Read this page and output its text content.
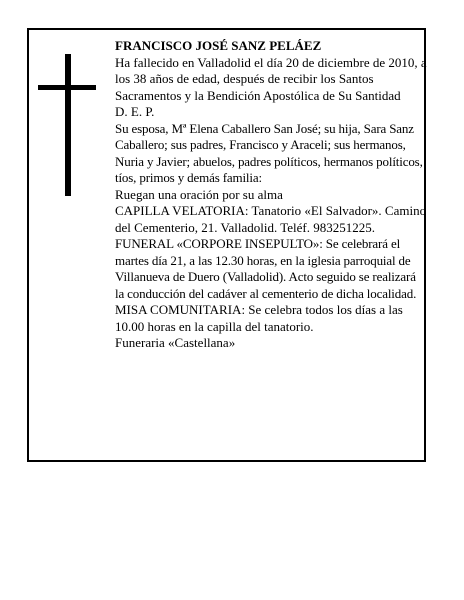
FRANCISCO JOSÉ SANZ PELÁEZ

Ha fallecido en Valladolid el día 20 de diciembre de 2010, a los 38 años de edad, después de recibir los Santos Sacramentos y la Bendición Apostólica de Su Santidad

D. E. P.

Su esposa, Mª Elena Caballero San José; su hija, Sara Sanz Caballero; sus padres, Francisco y Araceli; sus hermanos, Nuria y Javier; abuelos, padres políticos, hermanos políticos, tíos, primos y demás familia:

Ruegan una oración por su alma

CAPILLA VELATORIA: Tanatorio «El Salvador». Camino del Cementerio, 21. Valladolid. Teléf. 983251225.

FUNERAL «CORPORE INSEPULTO»: Se celebrará el martes día 21, a las 12.30 horas, en la iglesia parroquial de Villanueva de Duero (Valladolid). Acto seguido se realizará la conducción del cadáver al cementerio de dicha localidad.

MISA COMUNITARIA: Se celebra todos los días a las 10.00 horas en la capilla del tanatorio.

Funeraria «Castellana»
